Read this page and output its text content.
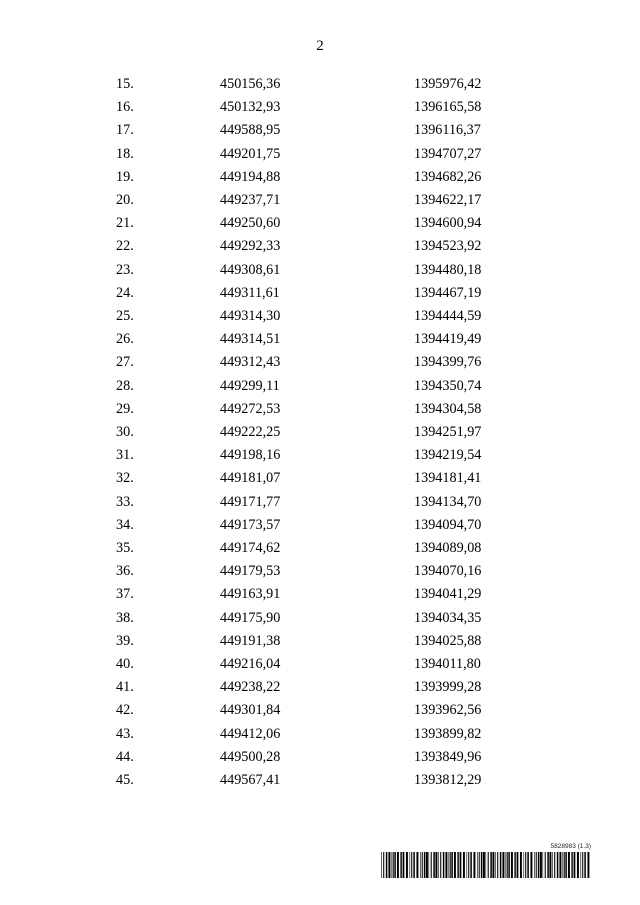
2
15.	450156,36	1395976,42
16.	450132,93	1396165,58
17.	449588,95	1396116,37
18.	449201,75	1394707,27
19.	449194,88	1394682,26
20.	449237,71	1394622,17
21.	449250,60	1394600,94
22.	449292,33	1394523,92
23.	449308,61	1394480,18
24.	449311,61	1394467,19
25.	449314,30	1394444,59
26.	449314,51	1394419,49
27.	449312,43	1394399,76
28.	449299,11	1394350,74
29.	449272,53	1394304,58
30.	449222,25	1394251,97
31.	449198,16	1394219,54
32.	449181,07	1394181,41
33.	449171,77	1394134,70
34.	449173,57	1394094,70
35.	449174,62	1394089,08
36.	449179,53	1394070,16
37.	449163,91	1394041,29
38.	449175,90	1394034,35
39.	449191,38	1394025,88
40.	449216,04	1394011,80
41.	449238,22	1393999,28
42.	449301,84	1393962,56
43.	449412,06	1393899,82
44.	449500,28	1393849,96
45.	449567,41	1393812,29
5828983 (1.3)
